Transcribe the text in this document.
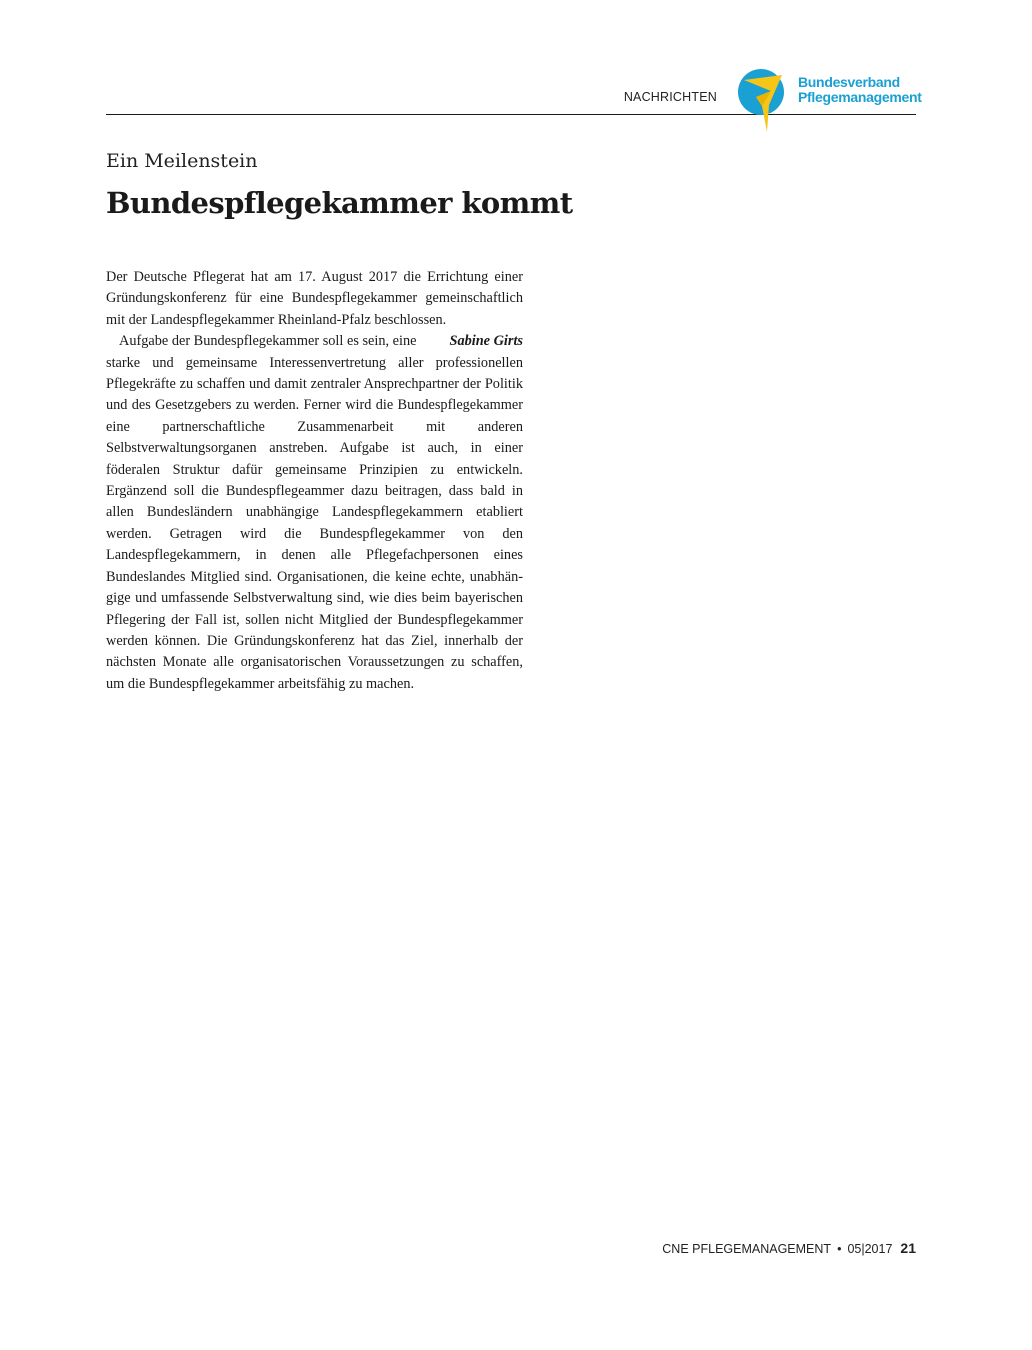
NACHRICHTEN
Bundesverband
Pflegemanagement
Ein Meilenstein
Bundespflegekammer kommt

Der Deutsche Pflegerat hat am 17. August 2017 die Errichtung einer Gründungskonferenz für eine Bundespflegekammer gemeinschaftlich mit der Landespflegekammer Rheinland-Pfalz beschlossen.

Sabine Girts
Aufgabe der Bundespflegekammer soll es sein, eine starke und gemeinsame Interessenvertretung aller professionellen Pflegekräfte zu schaffen und damit zentraler Ansprechpartner der Politik und des Gesetzgebers zu werden. Ferner wird die Bundespflegekammer eine partnerschaftliche Zusammenarbeit mit anderen Selbstverwaltungsorganen anstreben. Aufgabe ist auch, in einer föderalen Struktur dafür gemeinsame Prinzipien zu entwickeln. Ergänzend soll die Bundespflegeammer dazu beitragen, dass bald in allen Bundesländern unabhängige Landespflegekammern etabliert werden. Getragen wird die Bundespflegekammer von den Landespflegekammern, in denen alle Pflegefachpersonen eines Bundeslandes Mitglied sind. Organisationen, die keine echte, unabhängige und umfassende Selbstverwaltung sind, wie dies beim bayerischen Pflegering der Fall ist, sollen nicht Mitglied der Bundespflegekammer werden können. Die Gründungskonferenz hat das Ziel, innerhalb der nächsten Monate alle organisatorischen Voraussetzungen zu schaffen, um die Bundespflegekammer arbeitsfähig zu machen.

CNE PFLEGEMANAGEMENT • 05|2017 21
